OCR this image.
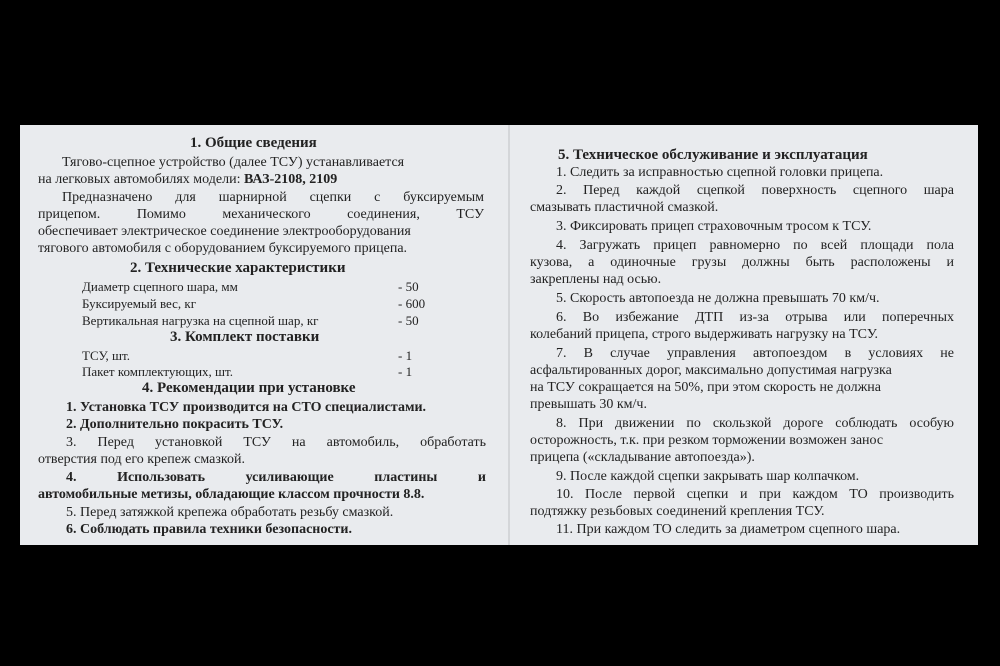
1. Общие сведения
Тягово-сцепное устройство (далее ТСУ) устанавливается
на легковых автомобилях модели: ВАЗ-2108, 2109
Предназначено для шарнирной сцепки с буксируемым
прицепом. Помимо механического соединения, ТСУ
обеспечивает электрическое соединение электрооборудования
тягового автомобиля с оборудованием буксируемого прицепа.
2. Технические характеристики
Диаметр сцепного шара, мм	- 50
Буксируемый вес, кг	- 600
Вертикальная нагрузка на сцепной шар, кг	- 50
3. Комплект поставки
ТСУ, шт.	- 1
Пакет комплектующих, шт.	- 1
4. Рекомендации при установке
1. Установка ТСУ производится на СТО специалистами.
2. Дополнительно покрасить ТСУ.
3. Перед установкой ТСУ на автомобиль, обработать
отверстия под его крепеж смазкой.
4. Использовать усиливающие пластины и
автомобильные метизы, обладающие классом прочности 8.8.
5. Перед затяжкой крепежа обработать резьбу смазкой.
6. Соблюдать правила техники безопасности.
5. Техническое обслуживание и эксплуатация
1. Следить за исправностью сцепной головки прицепа.
2. Перед каждой сцепкой поверхность сцепного шара
смазывать пластичной смазкой.
3. Фиксировать прицеп страховочным тросом к ТСУ.
4. Загружать прицеп равномерно по всей площади пола
кузова, а одиночные грузы должны быть расположены и
закреплены над осью.
5. Скорость автопоезда не должна превышать 70 км/ч.
6. Во избежание ДТП из-за отрыва или поперечных
колебаний прицепа, строго выдерживать нагрузку на ТСУ.
7. В случае управления автопоездом в условиях не
асфальтированных дорог, максимально допустимая нагрузка
на ТСУ сокращается на 50%, при этом скорость не должна
превышать 30 км/ч.
8. При движении по скользкой дороге соблюдать особую
осторожность, т.к. при резком торможении возможен занос
прицепа («складывание автопоезда»).
9. После каждой сцепки закрывать шар колпачком.
10. После первой сцепки и при каждом ТО производить
подтяжку резьбовых соединений крепления ТСУ.
11. При каждом ТО следить за диаметром сцепного шара.
